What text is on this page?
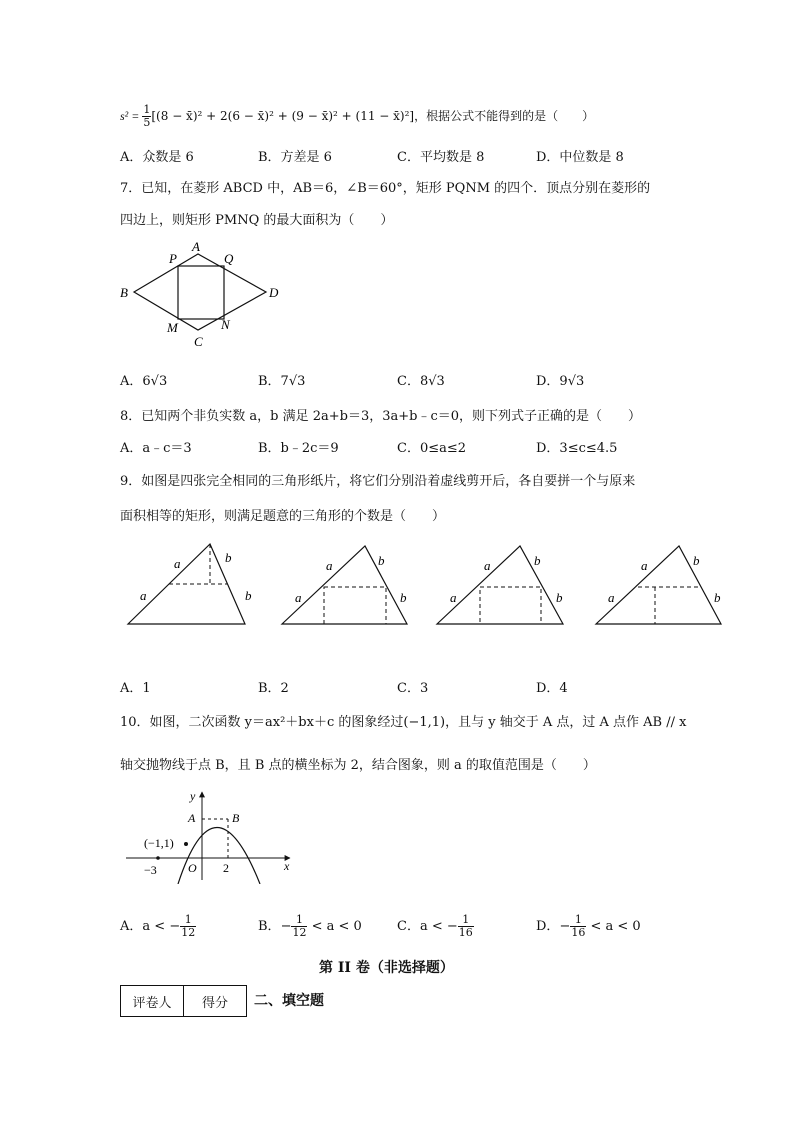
$s^2 = \frac{1}{5} [(8$ − x̄)² + 2(6 − x̄)² + (9 − x̄)² + (11 − x̄)²]，根据公式不能得到的是（　　）
A．众数是 6	B．方差是 6	C．平均数是 8	D．中位数是 8
7．已知，在菱形 ABCD 中，AB＝6，∠B＝60°，矩形 PQNM 的四个．顶点分别在菱形的
四边上，则矩形 PMNQ 的最大面积为（　　）
A
B
C
D
P	Q
M	N
A．6√3	B．7√3	C．8√3	D．9√3
8．已知两个非负实数 a，b 满足 2a+b＝3，3a+b﹣c＝0，则下列式子正确的是（　　）
A．a﹣c＝3	B．b﹣2c＝9	C．0≤a≤2	D．3≤c≤4.5
9．如图是四张完全相同的三角形纸片，将它们分别沿着虚线剪开后，各自要拼一个与原来
面积相等的矩形，则满足题意的三角形的个数是（　　）
a
a
b
b
a
a
b
b
a
a
b
b
a
a
b
b
A．1	B．2	C．3	D．4
10．如图，二次函数 y＝ax²＋bx＋c 的图象经过(−1,1)，且与 y 轴交于 A 点，过 A 点作 AB // x
轴交抛物线于点 B，且 B 点的横坐标为 2，结合图象，则 a 的取值范围是（　　）
y
x
A	B
(−1,1)
−3	O 2
A．a < − $\frac{1}{12}$	B．− $\frac{1}{12} < a < 0$	C．a < − $\frac{1}{16}$	D．− $\frac{1}{16} < a < 0$
第 II 卷（非选择题）
评卷人	得分 二、填空题
